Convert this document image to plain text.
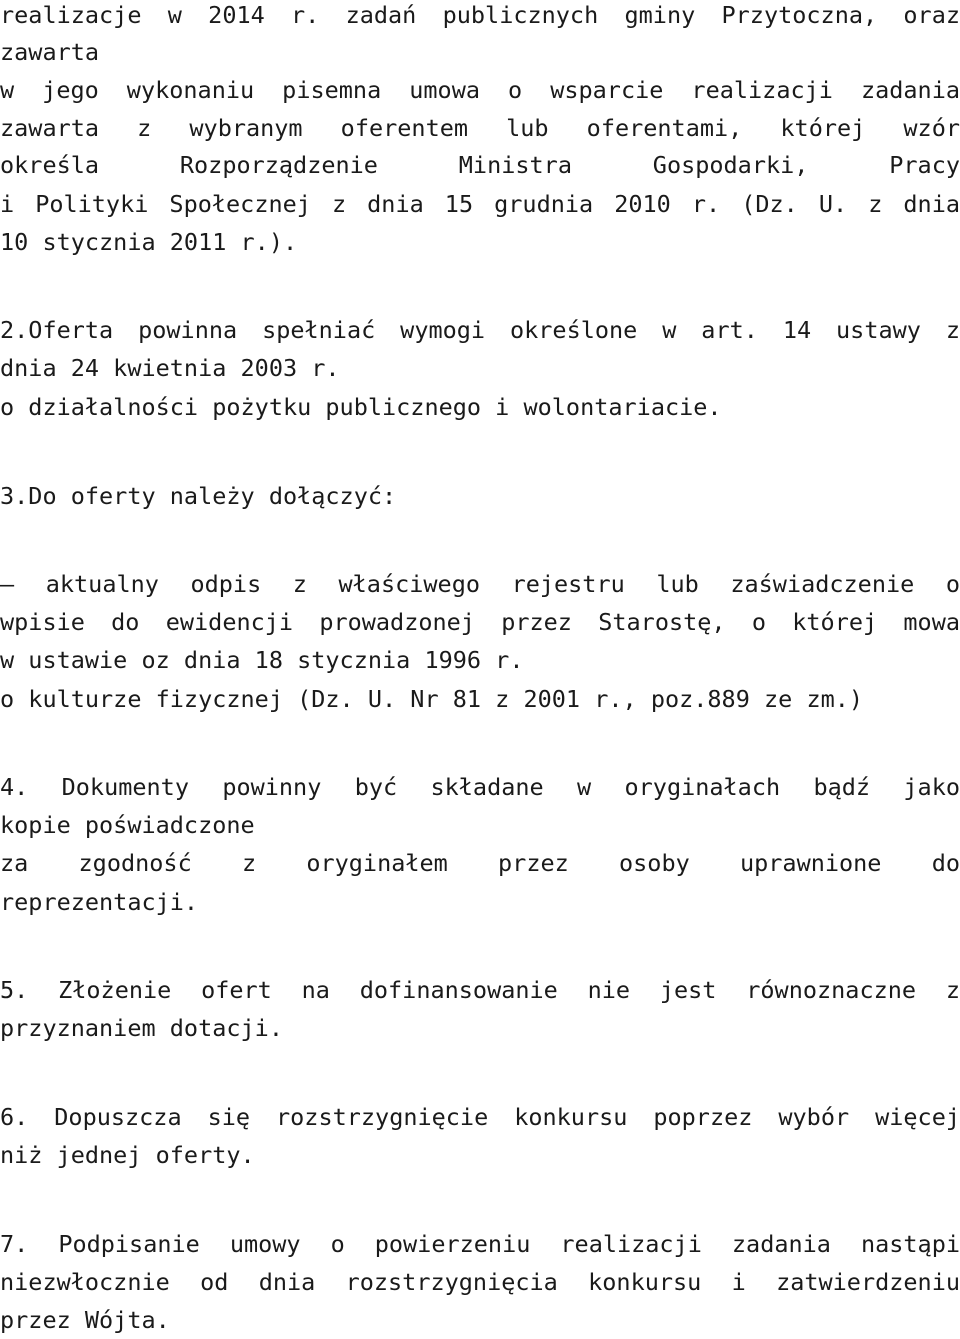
realizacje w 2014 r. zadań publicznych gminy Przytoczna, oraz

zawarta

w jego wykonaniu pisemna umowa o wsparcie realizacji zadania

zawarta z wybranym oferentem lub oferentami, której wzór

określa Rozporządzenie Ministra Gospodarki, Pracy

i Polityki Społecznej z dnia 15 grudnia 2010 r. (Dz. U. z dnia

10 stycznia 2011 r.).

2.Oferta powinna spełniać wymogi określone w art. 14 ustawy z

dnia 24 kwietnia 2003 r.

o działalności pożytku publicznego i wolontariacie.

3.Do oferty należy dołączyć:

– aktualny odpis z właściwego rejestru lub zaświadczenie o

wpisie do ewidencji prowadzonej przez Starostę, o której mowa

w ustawie oz dnia 18 stycznia 1996 r.

o kulturze fizycznej (Dz. U. Nr 81 z 2001 r., poz.889 ze zm.)

4. Dokumenty powinny być składane w oryginałach bądź jako

kopie poświadczone

za zgodność z oryginałem przez osoby uprawnione do

reprezentacji.

5. Złożenie ofert na dofinansowanie nie jest równoznaczne z

przyznaniem dotacji.

6. Dopuszcza się rozstrzygnięcie konkursu poprzez wybór więcej

niż jednej oferty.

7. Podpisanie umowy o powierzeniu realizacji zadania nastąpi

niezwłocznie od dnia rozstrzygnięcia konkursu i zatwierdzeniu

przez Wójta.
